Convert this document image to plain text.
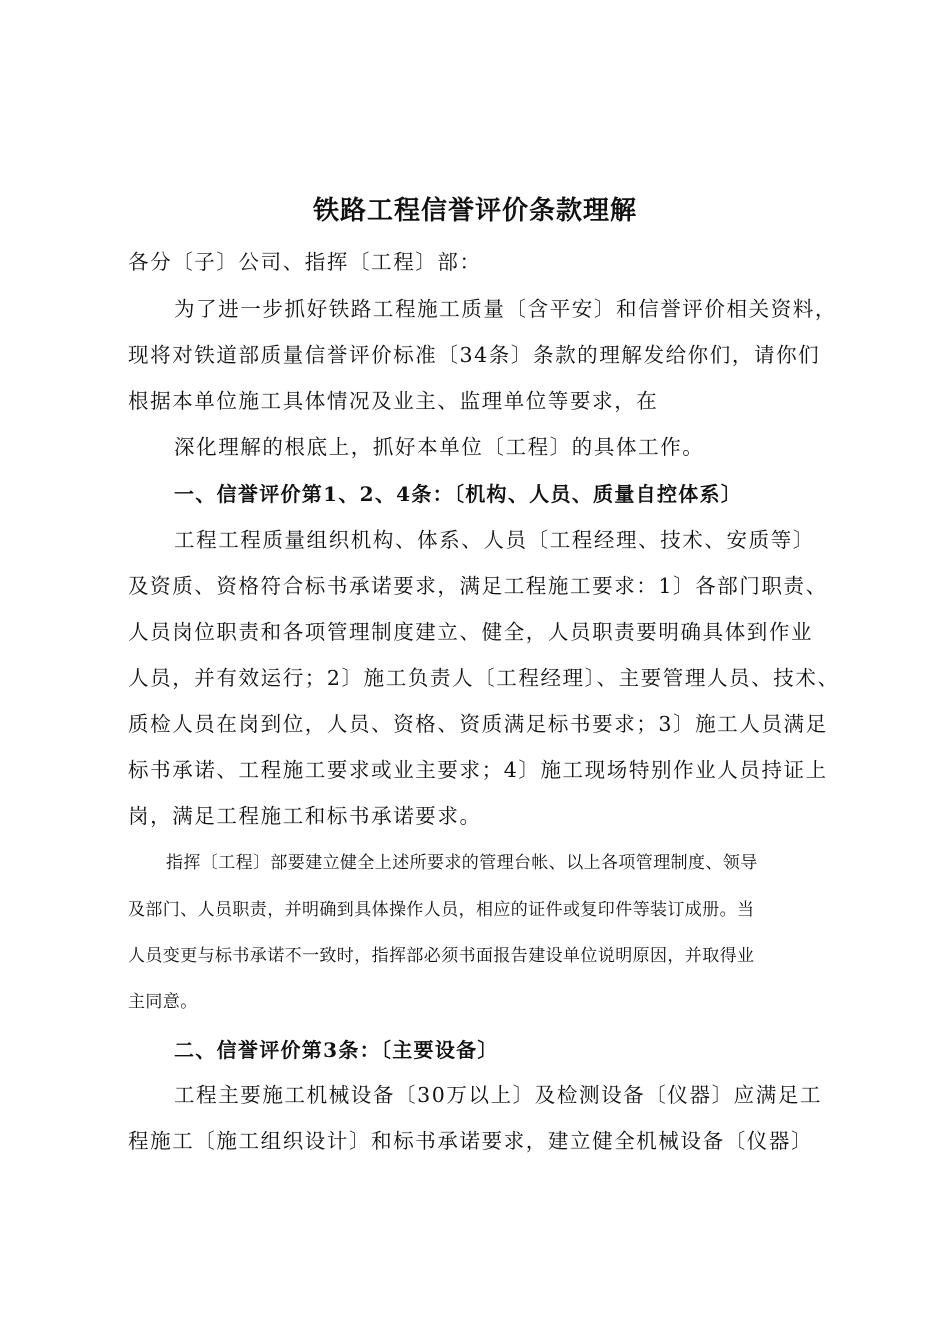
铁路工程信誉评价条款理解
各分〔子〕公司、指挥〔工程〕部：
为了进一步抓好铁路工程施工质量〔含平安〕和信誉评价相关资料，
现将对铁道部质量信誉评价标准〔34条〕条款的理解发给你们，请你们
根据本单位施工具体情况及业主、监理单位等要求，在
深化理解的根底上，抓好本单位〔工程〕的具体工作。
一、信誉评价第1、2、4条：〔机构、人员、质量自控体系〕
工程工程质量组织机构、体系、人员〔工程经理、技术、安质等〕
及资质、资格符合标书承诺要求，满足工程施工要求：1〕各部门职责、
人员岗位职责和各项管理制度建立、健全，人员职责要明确具体到作业
人员，并有效运行；2〕施工负责人〔工程经理〕、主要管理人员、技术、
质检人员在岗到位，人员、资格、资质满足标书要求；3〕施工人员满足
标书承诺、工程施工要求或业主要求；4〕施工现场特别作业人员持证上
岗，满足工程施工和标书承诺要求。
指挥〔工程〕部要建立健全上述所要求的管理台帐、以上各项管理制度、领导
及部门、人员职责，并明确到具体操作人员，相应的证件或复印件等装订成册。当
人员变更与标书承诺不一致时，指挥部必须书面报告建设单位说明原因，并取得业
主同意。
二、信誉评价第3条：〔主要设备〕
工程主要施工机械设备〔30万以上〕及检测设备〔仪器〕应满足工
程施工〔施工组织设计〕和标书承诺要求，建立健全机械设备〔仪器〕
